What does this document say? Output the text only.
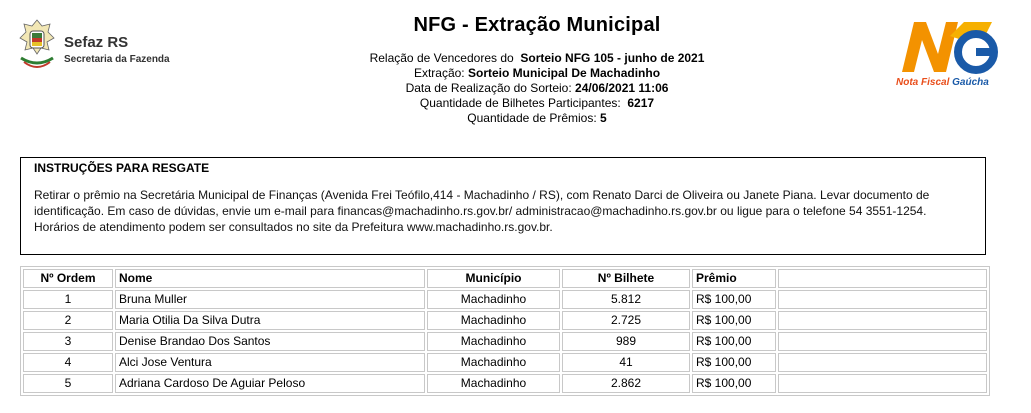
Sefaz RS
Secretaria da Fazenda
NFG - Extração Municipal
Relação de Vencedores do Sorteio NFG 105 - junho de 2021
Extração: Sorteio Municipal De Machadinho
Data de Realização do Sorteio: 24/06/2021 11:06
Quantidade de Bilhetes Participantes: 6217
Quantidade de Prêmios: 5
Nota Fiscal Gaúcha
INSTRUÇÕES PARA RESGATE
Retirar o prêmio na Secretária Municipal de Finanças (Avenida Frei Teófilo,414 - Machadinho / RS), com Renato Darci de Oliveira ou Janete Piana. Levar documento de identificação. Em caso de dúvidas, envie um e-mail para financas@machadinho.rs.gov.br/ administracao@machadinho.rs.gov.br ou ligue para o telefone 54 3551-1254. Horários de atendimento podem ser consultados no site da Prefeitura www.machadinho.rs.gov.br.
Nº Ordem	Nome	Município	Nº Bilhete	Prêmio	
1	Bruna Muller	Machadinho	5.812	R$ 100,00	
2	Maria Otilia Da Silva Dutra	Machadinho	2.725	R$ 100,00	
3	Denise Brandao Dos Santos	Machadinho	989	R$ 100,00	
4	Alci Jose Ventura	Machadinho	41	R$ 100,00	
5	Adriana Cardoso De Aguiar Peloso	Machadinho	2.862	R$ 100,00	
